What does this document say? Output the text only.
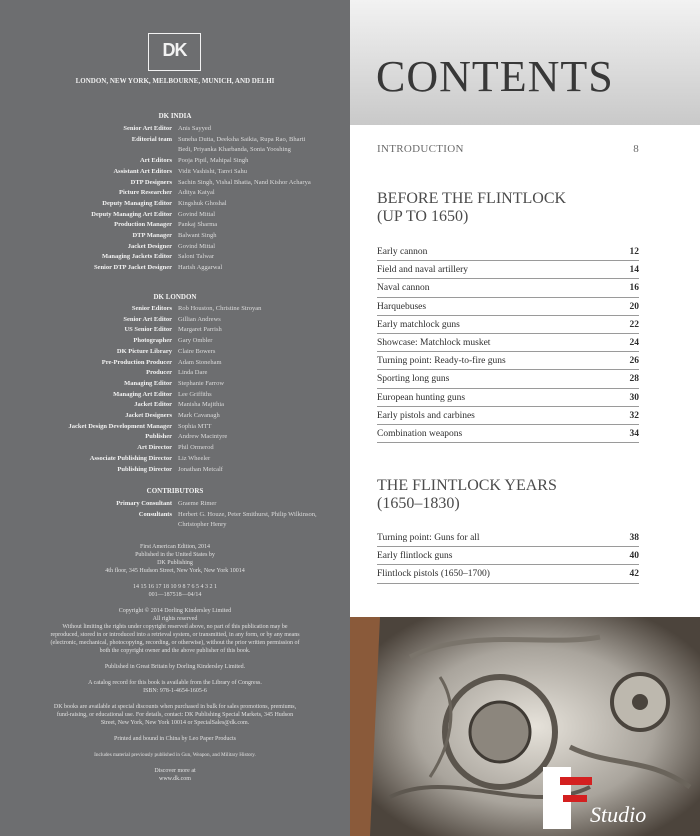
DK
LONDON, NEW YORK, MELBOURNE, MUNICH, AND DELHI
DK INDIA
Senior Art Editor Anis Sayyed
Editorial team Suneha Dutta, Deeksha Saikia, Rupa Rao, Bharti Bedi, Priyanka Kharbanda, Sonia Yooshing
Art Editors Pooja Pipil, Mahipal Singh
Assistant Art Editors Vidit Vashisht, Tanvi Sahu
DTP Designers Sachin Singh, Vishal Bhatia, Nand Kishor Acharya
Picture Researcher Aditya Katyal
Deputy Managing Editor Kingshuk Ghoshal
Deputy Managing Art Editor Govind Mittal
Production Manager Pankaj Sharma
DTP Manager Balwant Singh
Jacket Designer Govind Mittal
Managing Jackets Editor Saloni Talwar
Senior DTP Jacket Designer Harish Aggarwal
DK LONDON
Senior Editors Rob Houston, Christine Stroyan
Senior Art Editor Gillian Andrews
US Senior Editor Margaret Parrish
Photographer Gary Ombler
DK Picture Library Claire Bowers
Pre-Production Producer Adam Stoneham
Producer Linda Dare
Managing Editor Stephanie Farrow
Managing Art Editor Lee Griffiths
Jacket Editor Manisha Majithia
Jacket Designers Mark Cavanagh
Jacket Design Development Manager Sophia MTT
Publisher Andrew Macintyre
Art Director Phil Ormerod
Associate Publishing Director Liz Wheeler
Publishing Director Jonathan Metcalf
CONTRIBUTORS
Primary Consultant Graeme Rimer
Consultants Herbert G. Houze, Peter Smithurst, Philip Wilkinson, Christopher Henry

First American Edition, 2014
Published in the United States by
DK Publishing
4th floor, 345 Hudson Street, New York, New York 10014

14 15 16 17 18 10 9 8 7 6 5 4 3 2 1
001—187518—04/14

Copyright © 2014 Dorling Kindersley Limited
All rights reserved
Without limiting the rights under copyright reserved above, no part of this publication may be reproduced, stored in or introduced into a retrieval system, or transmitted, in any form, or by any means (electronic, mechanical, photocopying, recording, or otherwise), without the prior written permission of both the copyright owner and the above publisher of this book.

Published in Great Britain by Dorling Kindersley Limited.

A catalog record for this book is available from the Library of Congress.
ISBN: 978-1-4654-1605-6

DK books are available at special discounts when purchased in bulk for sales promotions, premiums, fund-raising, or educational use. For details, contact: DK Publishing Special Markets, 345 Hudson Street, New York, New York 10014 or SpecialSales@dk.com.

Printed and bound in China by Leo Paper Products

Includes material previously published in Gun, Weapon, and Military History.

Discover more at
www.dk.com

CONTENTS
INTRODUCTION	8
BEFORE THE FLINTLOCK
(UP TO 1650)
Early cannon	12
Field and naval artillery	14
Naval cannon	16
Harquebuses	20
Early matchlock guns	22
Showcase: Matchlock musket	24
Turning point: Ready-to-fire guns	26
Sporting long guns	28
European hunting guns	30
Early pistols and carbines	32
Combination weapons	34
THE FLINTLOCK YEARS
(1650–1830)
Turning point: Guns for all	38
Early flintlock guns	40
Flintlock pistols (1650–1700)	42
Studio
